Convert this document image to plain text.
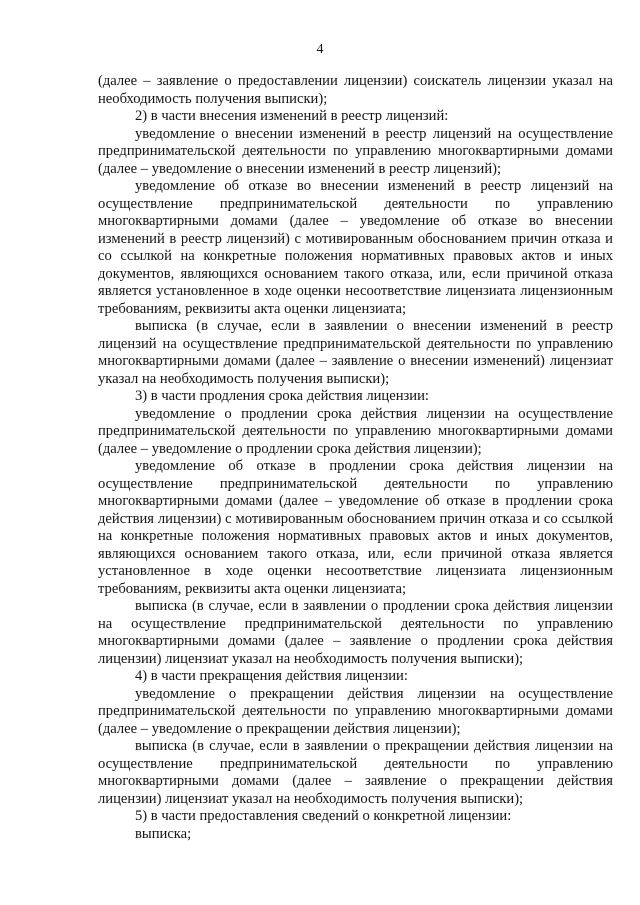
4

(далее – заявление о предоставлении лицензии) соискатель лицензии указал на необходимость получения выписки);

2) в части внесения изменений в реестр лицензий:

уведомление о внесении изменений в реестр лицензий на осуществление предпринимательской деятельности по управлению многоквартирными домами (далее – уведомление о внесении изменений в реестр лицензий);

уведомление об отказе во внесении изменений в реестр лицензий на осуществление предпринимательской деятельности по управлению многоквартирными домами (далее – уведомление об отказе во внесении изменений в реестр лицензий) с мотивированным обоснованием причин отказа и со ссылкой на конкретные положения нормативных правовых актов и иных документов, являющихся основанием такого отказа, или, если причиной отказа является установленное в ходе оценки несоответствие лицензиата лицензионным требованиям, реквизиты акта оценки лицензиата;

выписка (в случае, если в заявлении о внесении изменений в реестр лицензий на осуществление предпринимательской деятельности по управлению многоквартирными домами (далее – заявление о внесении изменений) лицензиат указал на необходимость получения выписки);

3) в части продления срока действия лицензии:

уведомление о продлении срока действия лицензии на осуществление предпринимательской деятельности по управлению многоквартирными домами (далее – уведомление о продлении срока действия лицензии);

уведомление об отказе в продлении срока действия лицензии на осуществление предпринимательской деятельности по управлению многоквартирными домами (далее – уведомление об отказе в продлении срока действия лицензии) с мотивированным обоснованием причин отказа и со ссылкой на конкретные положения нормативных правовых актов и иных документов, являющихся основанием такого отказа, или, если причиной отказа является установленное в ходе оценки несоответствие лицензиата лицензионным требованиям, реквизиты акта оценки лицензиата;

выписка (в случае, если в заявлении о продлении срока действия лицензии на осуществление предпринимательской деятельности по управлению многоквартирными домами (далее – заявление о продлении срока действия лицензии) лицензиат указал на необходимость получения выписки);

4) в части прекращения действия лицензии:

уведомление о прекращении действия лицензии на осуществление предпринимательской деятельности по управлению многоквартирными домами (далее – уведомление о прекращении действия лицензии);

выписка (в случае, если в заявлении о прекращении действия лицензии на осуществление предпринимательской деятельности по управлению многоквартирными домами (далее – заявление о прекращении действия лицензии) лицензиат указал на необходимость получения выписки);

5) в части предоставления сведений о конкретной лицензии:

выписка;
